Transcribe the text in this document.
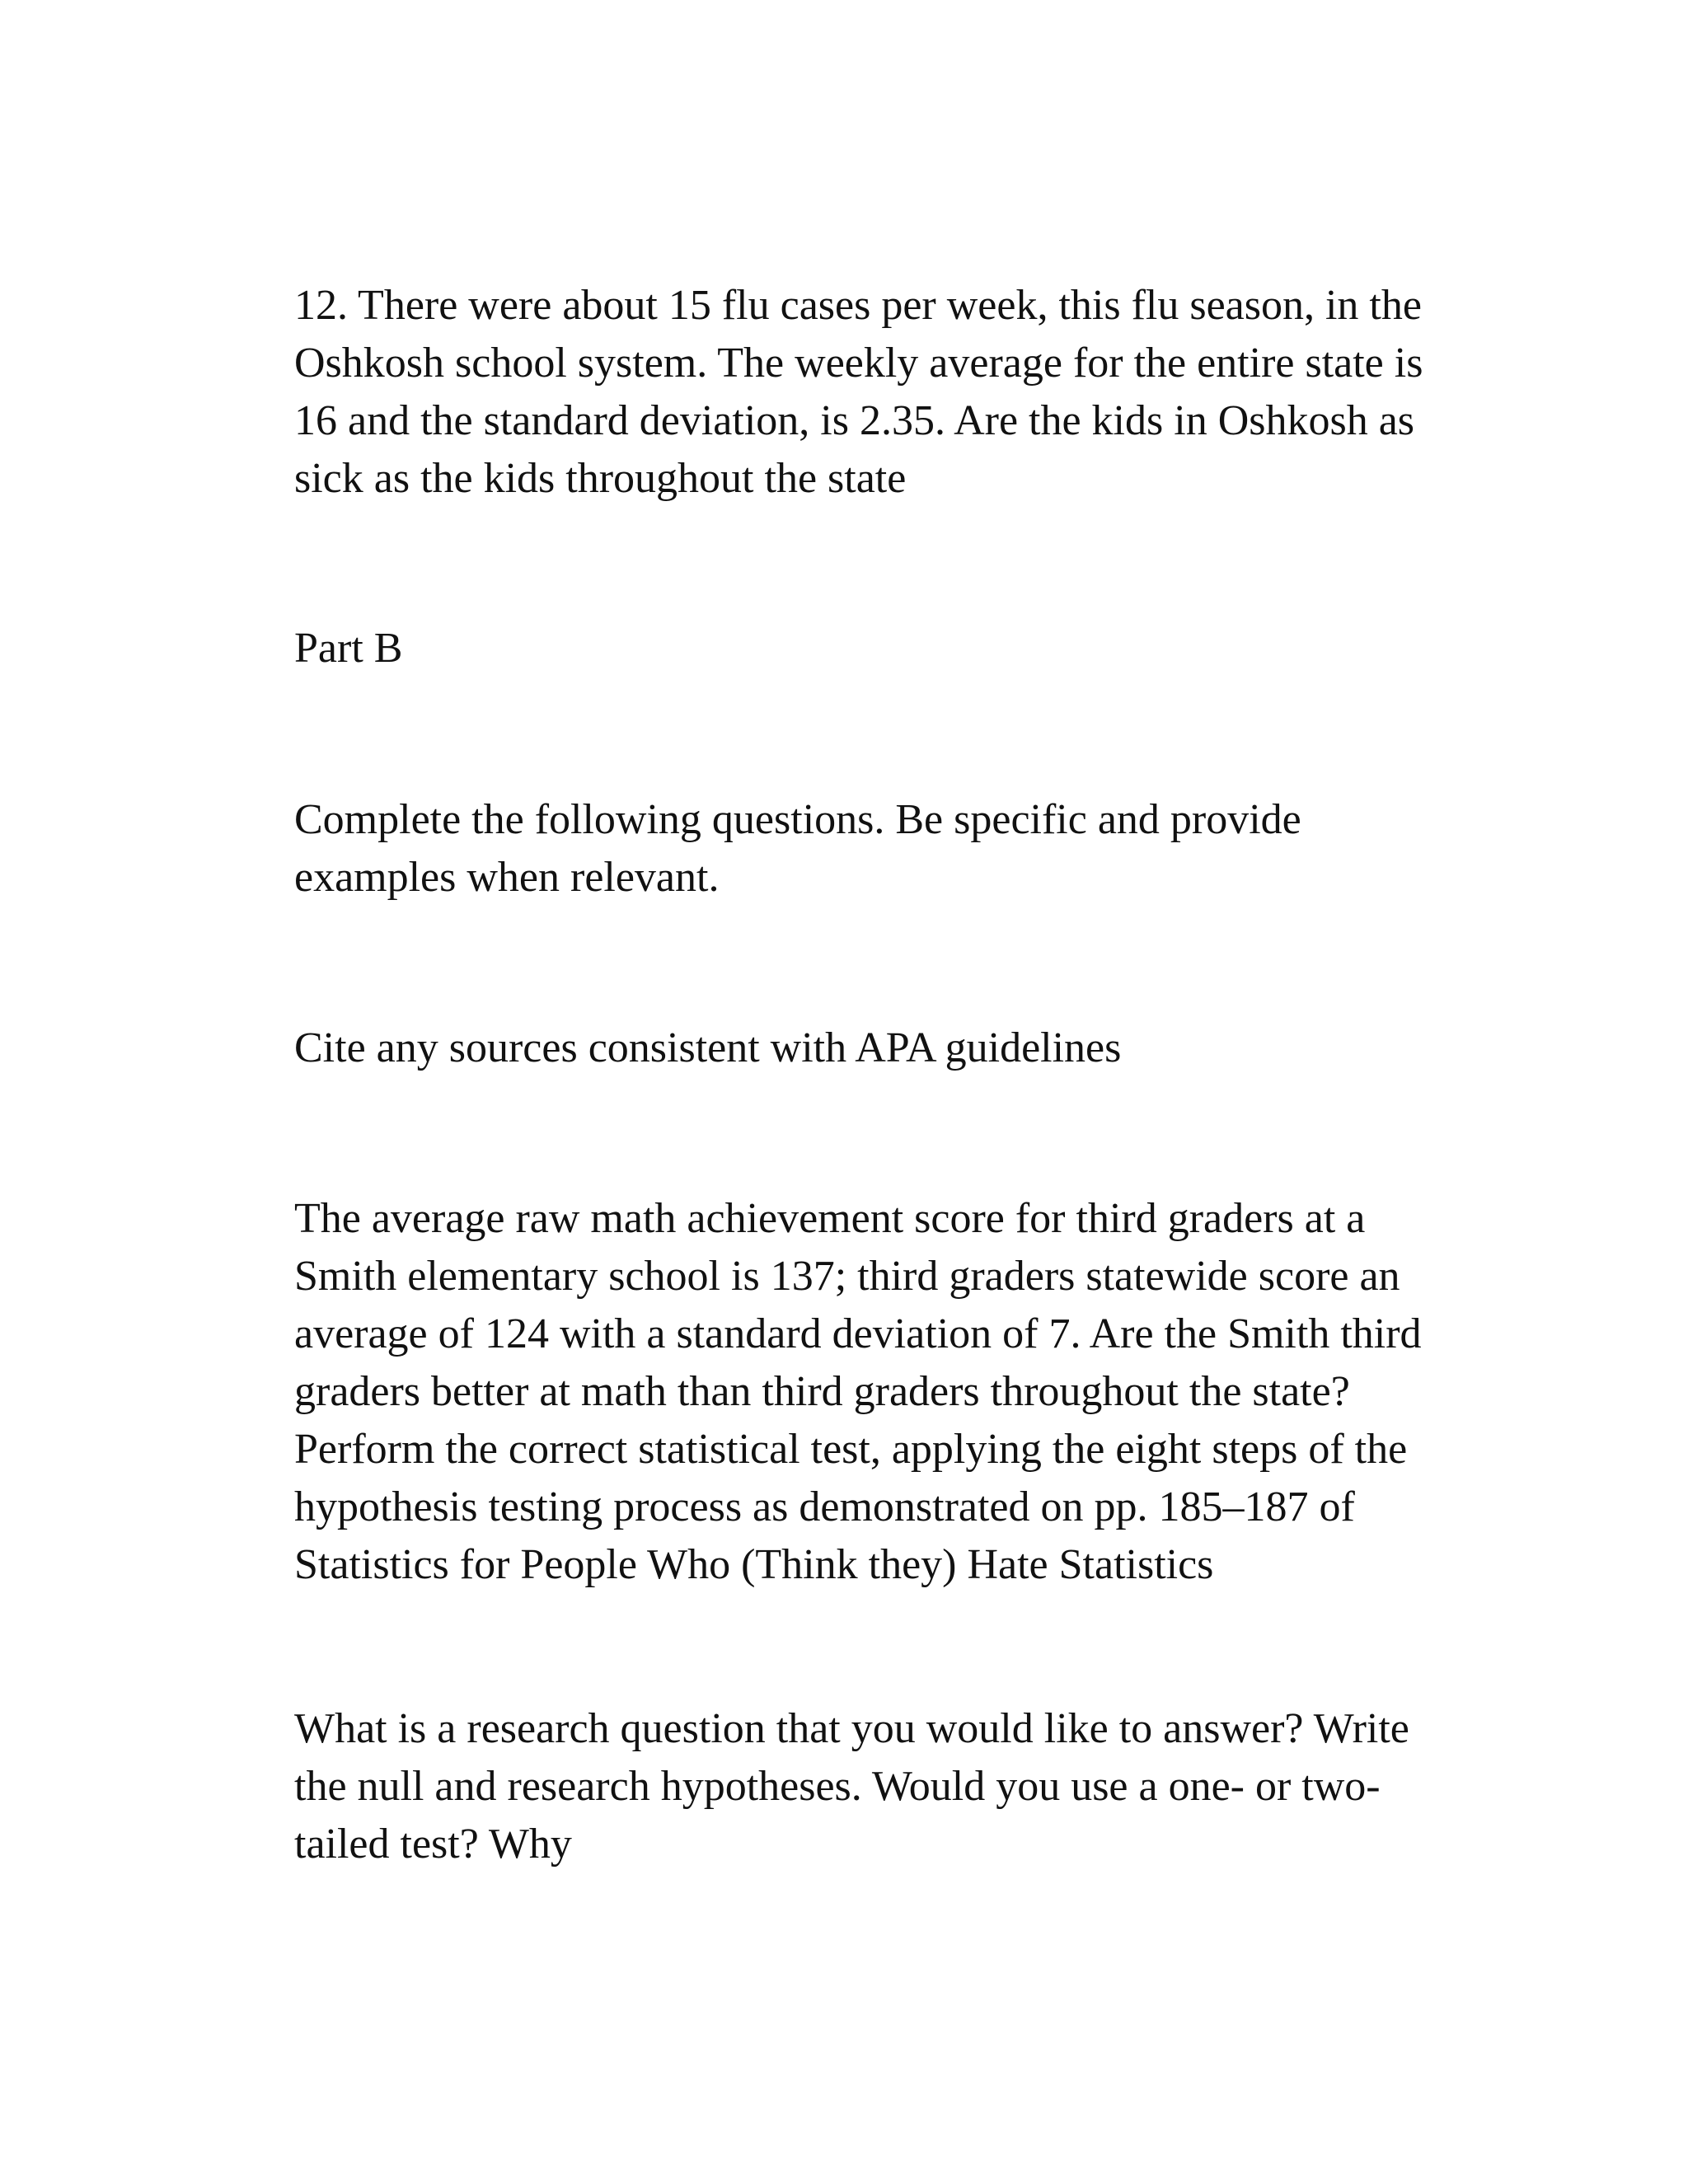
12. There were about 15 flu cases per week, this flu season, in the
Oshkosh school system. The weekly average for the entire state is
16 and the standard deviation, is 2.35. Are the kids in Oshkosh as
sick as the kids throughout the state

Part B

Complete the following questions. Be specific and provide
examples when relevant.

Cite any sources consistent with APA guidelines

The average raw math achievement score for third graders at a
Smith elementary school is 137; third graders statewide score an
average of 124 with a standard deviation of 7. Are the Smith third
graders better at math than third graders throughout the state?
Perform the correct statistical test, applying the eight steps of the
hypothesis testing process as demonstrated on pp. 185–187 of
Statistics for People Who (Think they) Hate Statistics

What is a research question that you would like to answer? Write
the null and research hypotheses. Would you use a one- or two-
tailed test? Why
